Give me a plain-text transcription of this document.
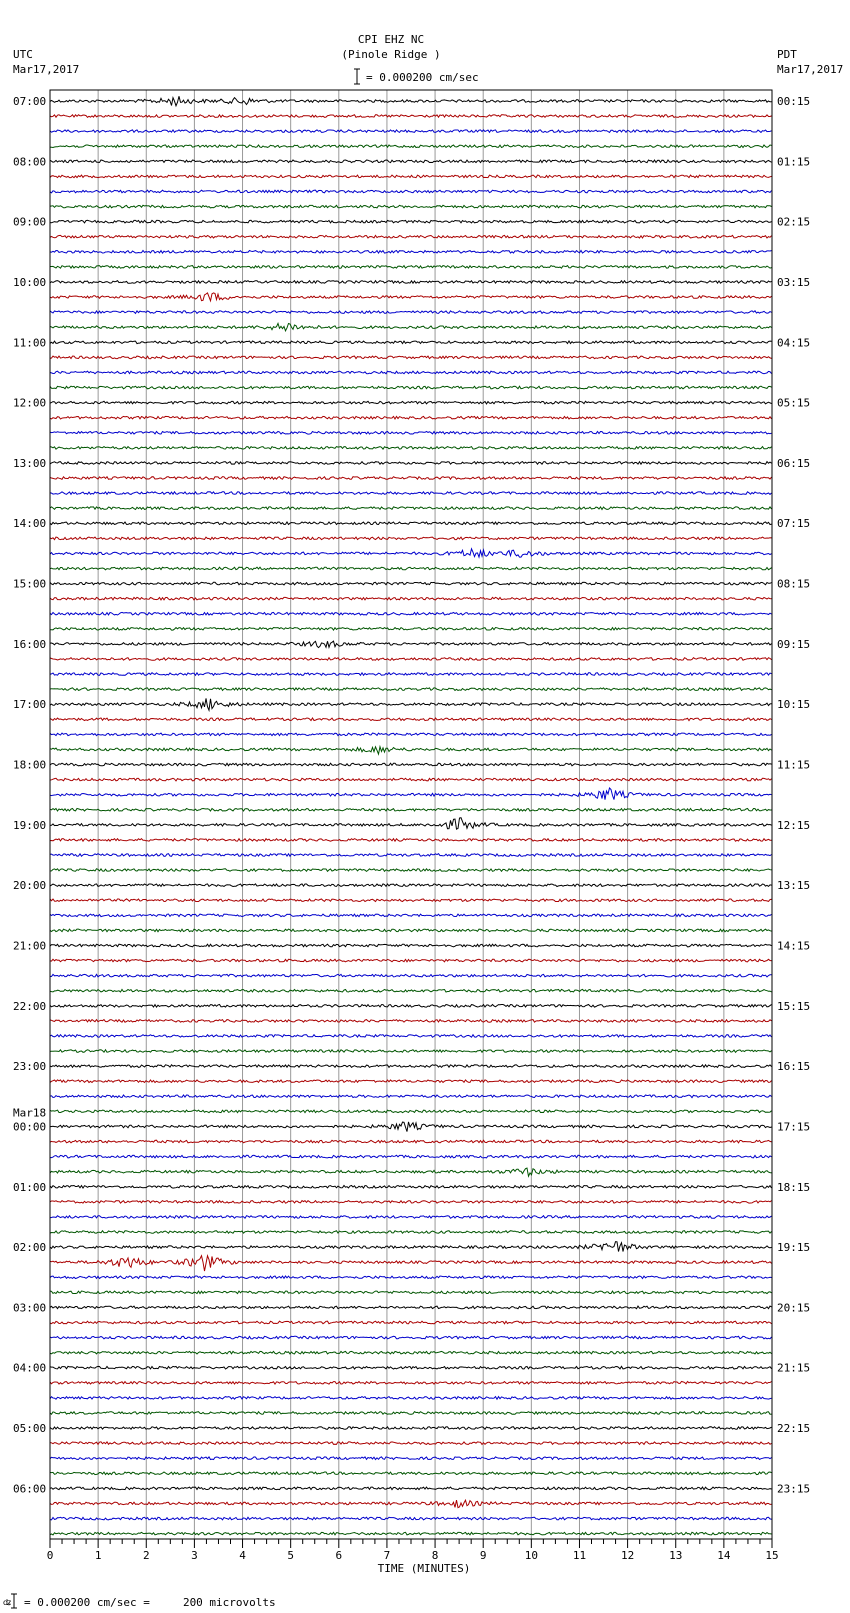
CPI EHZ NC
(Pinole Ridge )
= 0.000200 cm/sec
UTC
Mar17,2017
PDT
Mar17,2017
07:00
08:00
09:00
10:00
11:00
12:00
13:00
14:00
15:00
16:00
17:00
18:00
19:00
20:00
21:00
22:00
23:00
00:00
01:00
02:00
03:00
04:00
05:00
06:00
Mar18
00:15
01:15
02:15
03:15
04:15
05:15
06:15
07:15
08:15
09:15
10:15
11:15
12:15
13:15
14:15
15:15
16:15
17:15
18:15
19:15
20:15
21:15
22:15
23:15
0	1	2	3	4	5	6	7	8	9	10	11	12	13	14	15
TIME (MINUTES)
ʥ = 0.000200 cm/sec =     200 microvolts
